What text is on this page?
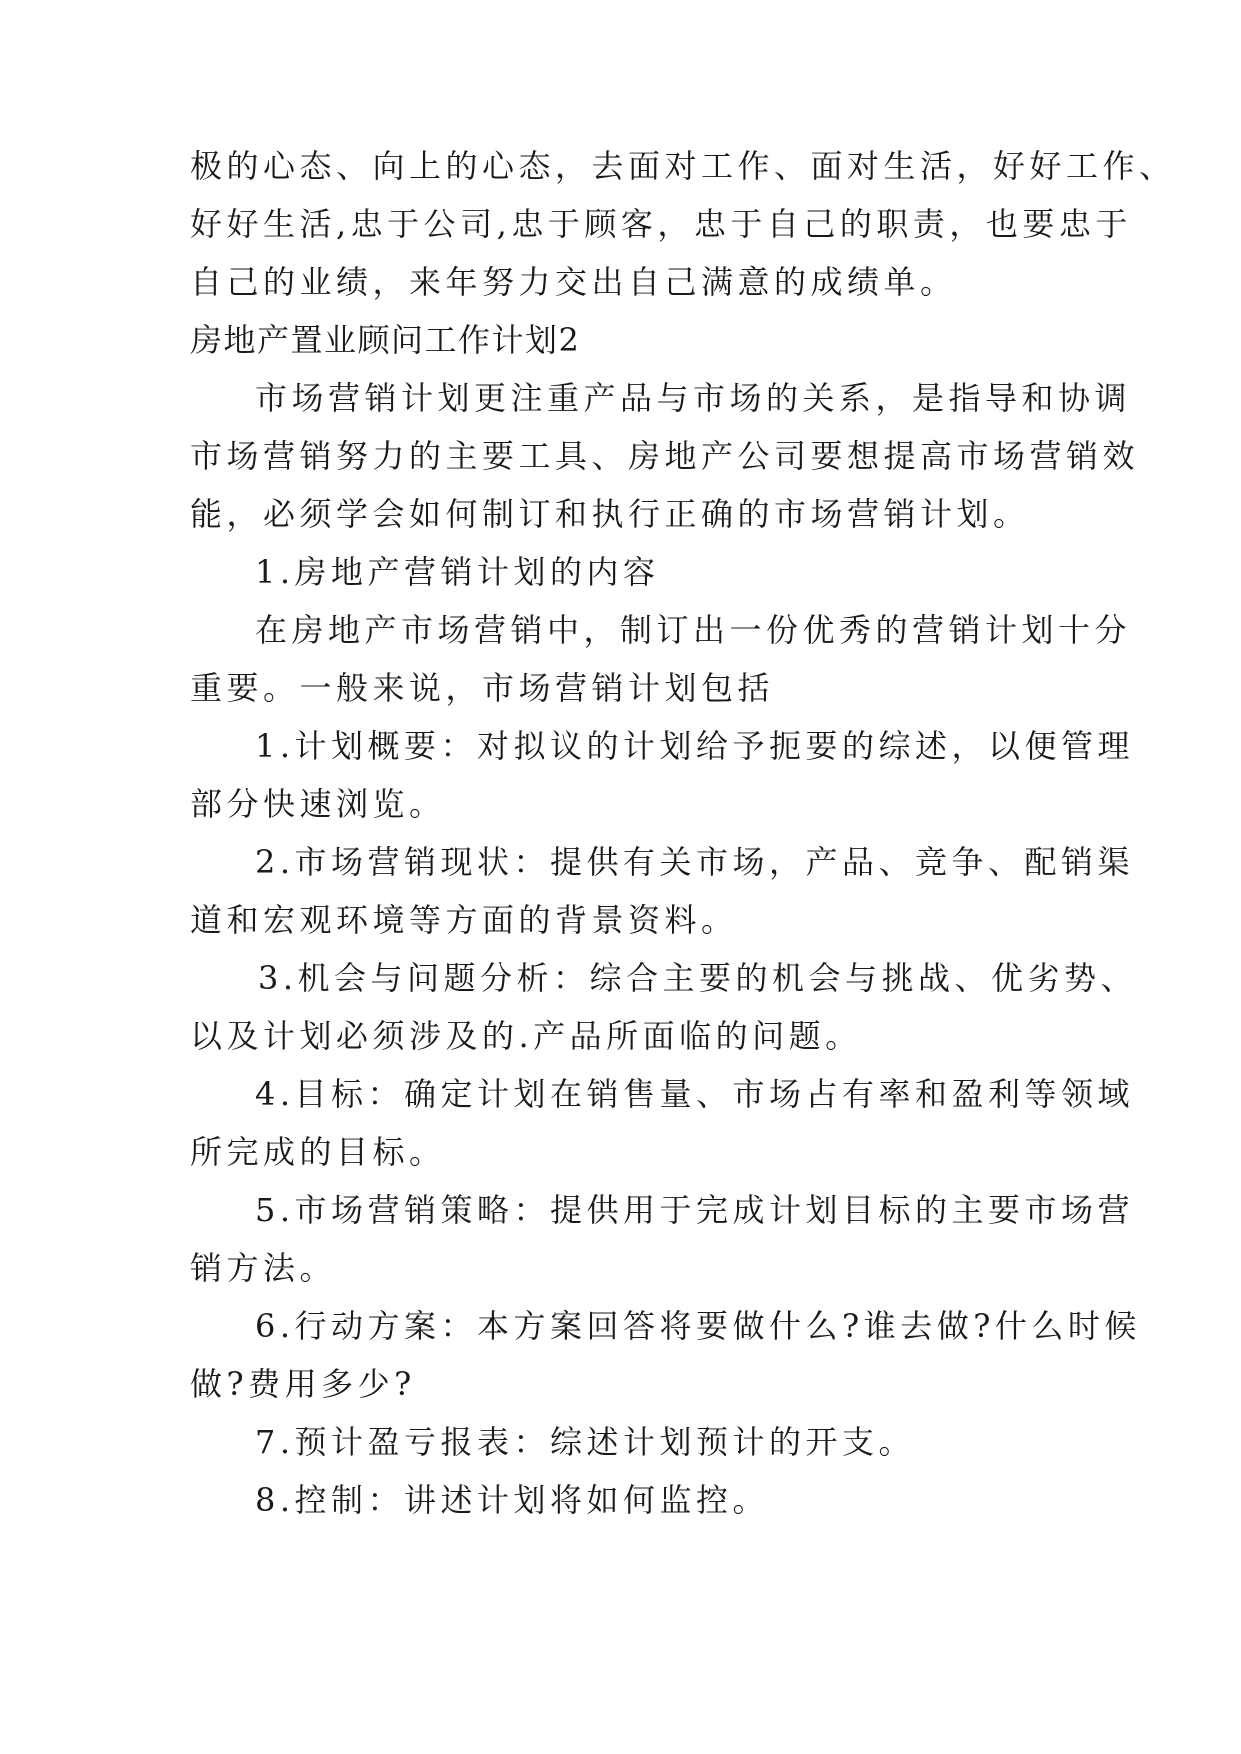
极的心态、向上的心态，去面对工作、面对生活，好好工作、
好好生活,忠于公司,忠于顾客，忠于自己的职责，也要忠于
自己的业绩，来年努力交出自己满意的成绩单。
房地产置业顾问工作计划2
市场营销计划更注重产品与市场的关系，是指导和协调
市场营销努力的主要工具、房地产公司要想提高市场营销效
能，必须学会如何制订和执行正确的市场营销计划。
1.房地产营销计划的内容
在房地产市场营销中，制订出一份优秀的营销计划十分
重要。一般来说，市场营销计划包括
1.计划概要：对拟议的计划给予扼要的综述，以便管理
部分快速浏览。
2.市场营销现状：提供有关市场，产品、竞争、配销渠
道和宏观环境等方面的背景资料。
3.机会与问题分析：综合主要的机会与挑战、优劣势、
以及计划必须涉及的.产品所面临的问题。
4.目标：确定计划在销售量、市场占有率和盈利等领域
所完成的目标。
5.市场营销策略：提供用于完成计划目标的主要市场营
销方法。
6.行动方案：本方案回答将要做什么?谁去做?什么时候
做?费用多少?
7.预计盈亏报表：综述计划预计的开支。
8.控制：讲述计划将如何监控。
